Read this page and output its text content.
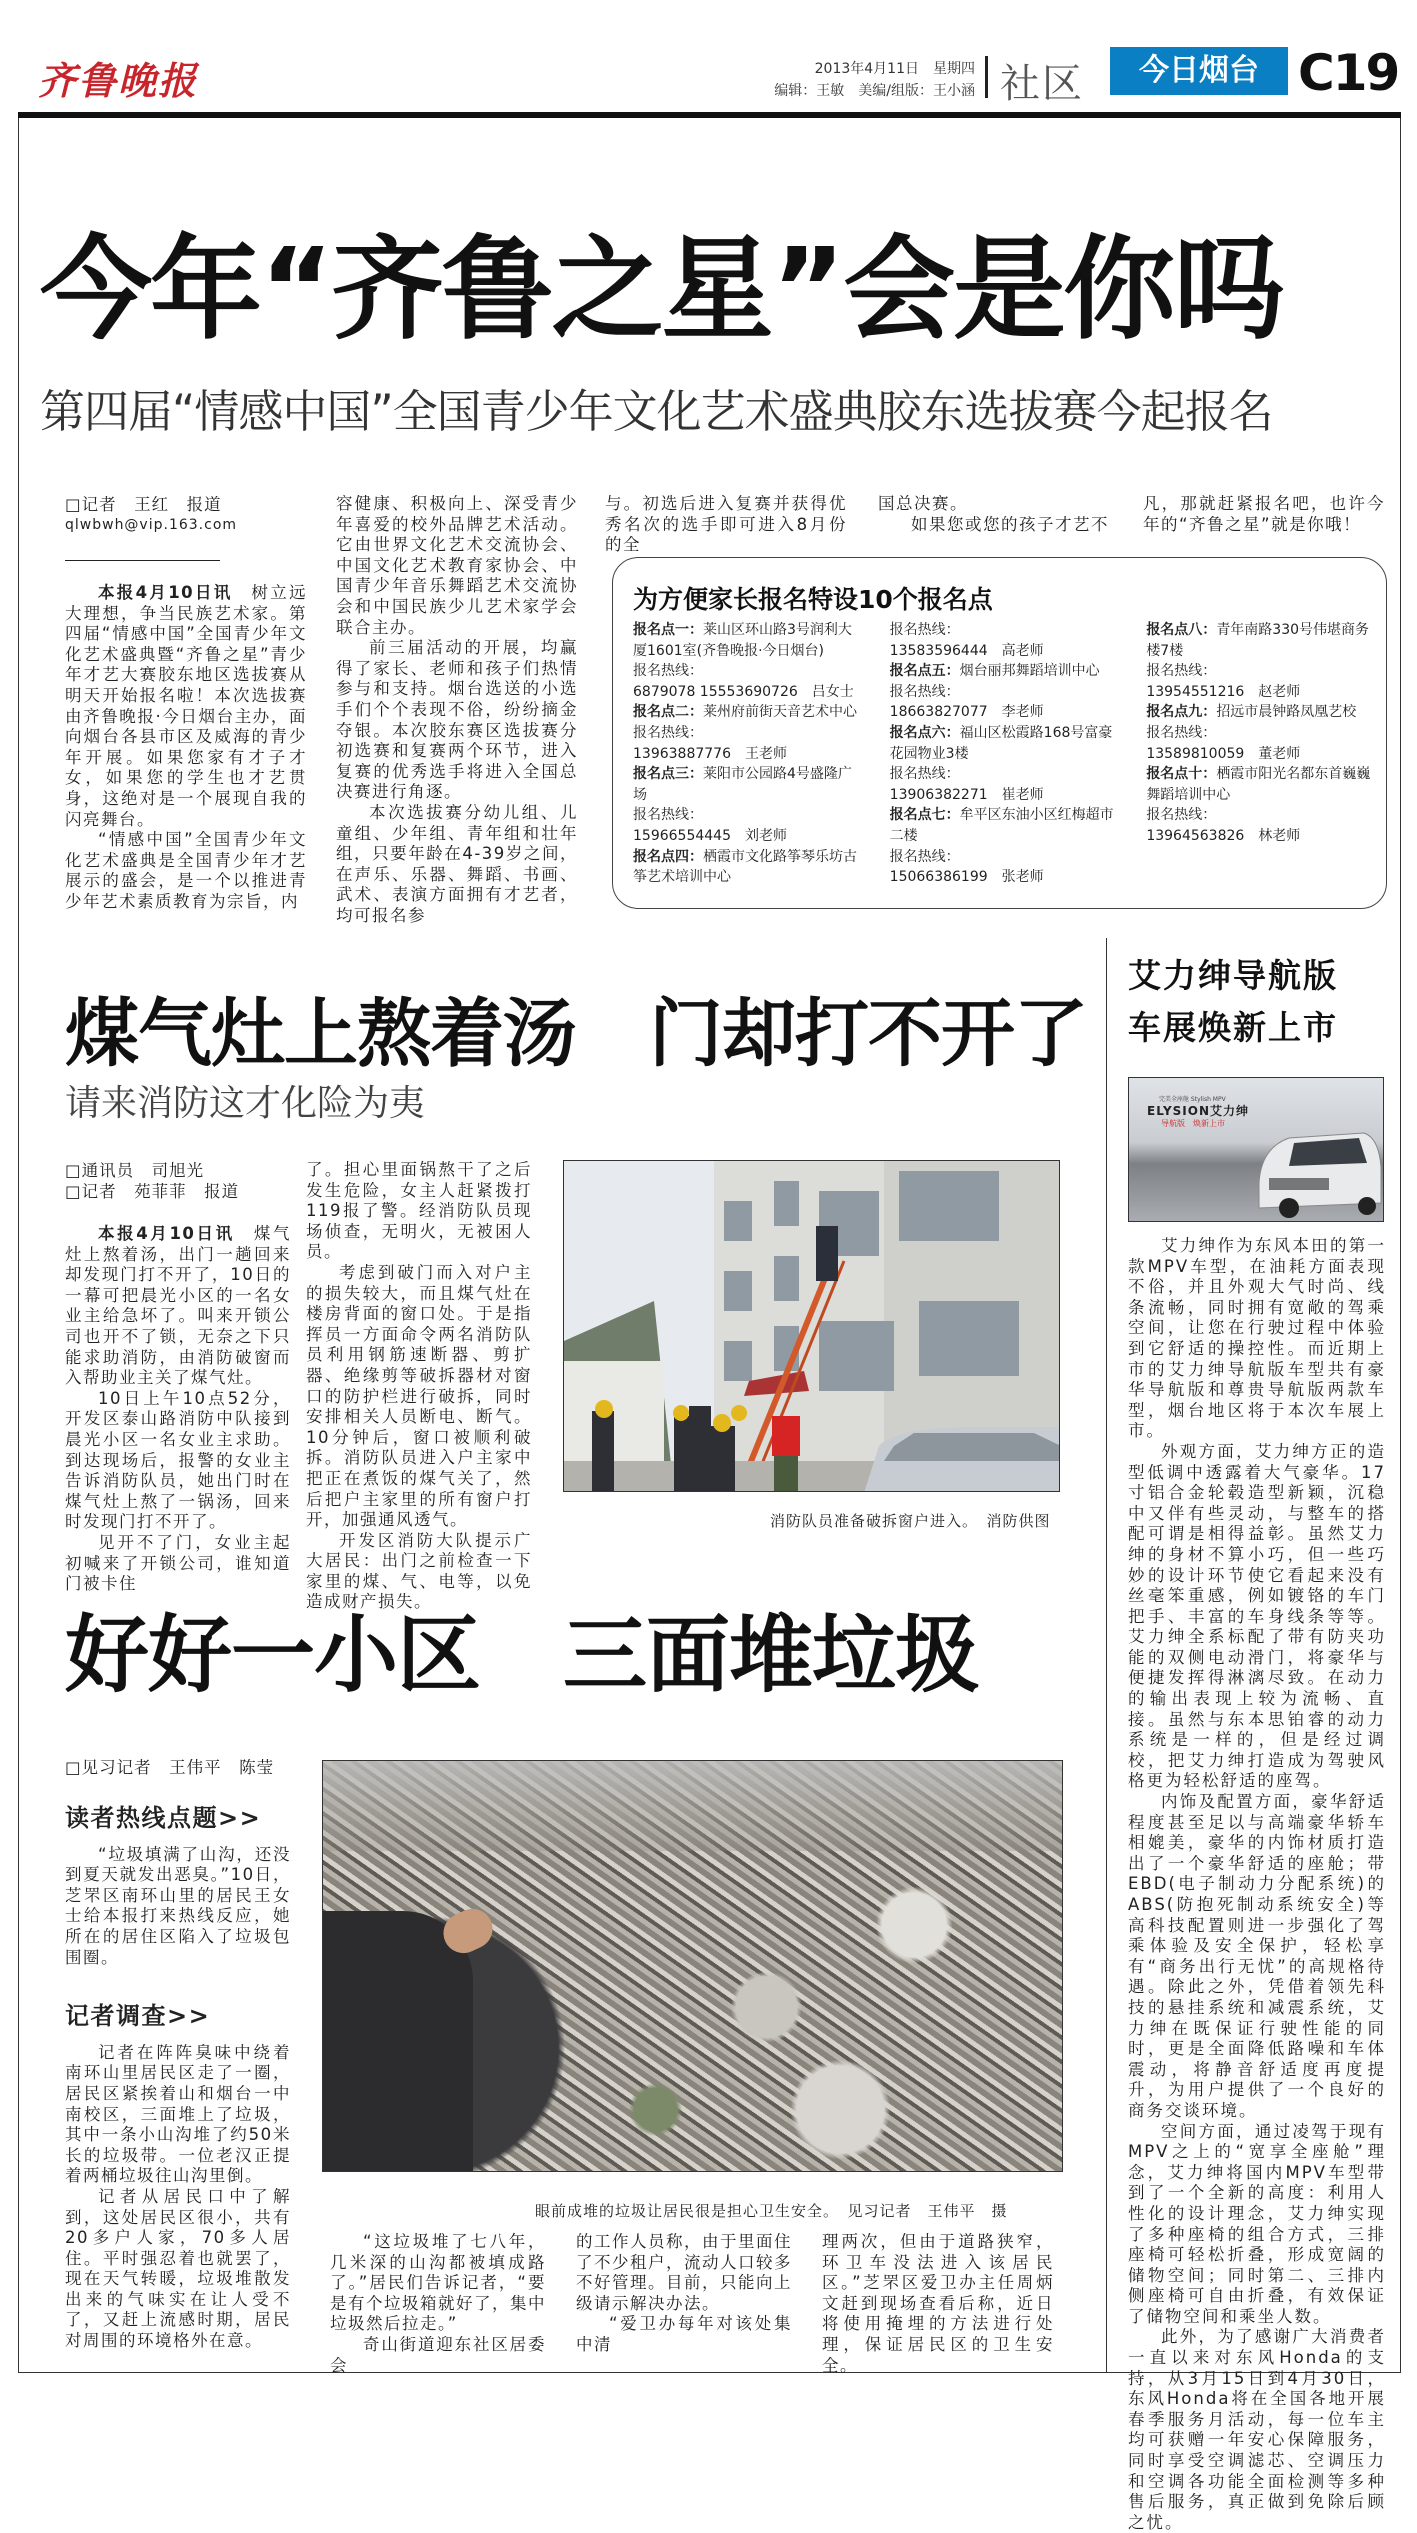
齐鲁晚报	2013年4月11日　星期四
编辑：王敏　美编/组版：王小涵 社区	今日烟台 C19
今年“齐鲁之星”会是你吗
第四届“情感中国”全国青少年文化艺术盛典胶东选拔赛今起报名
□记者　王红　报道
qlwbwh@vip.163.com

本报4月10日讯　树立远大理想，争当民族艺术家。第四届“情感中国”全国青少年文化艺术盛典暨“齐鲁之星”青少年才艺大赛胶东地区选拔赛从明天开始报名啦！本次选拔赛由齐鲁晚报·今日烟台主办，面向烟台各县市区及威海的青少年开展。如果您家有才子才女，如果您的学生也才艺贯身，这绝对是一个展现自我的闪亮舞台。

“情感中国”全国青少年文化艺术盛典是全国青少年才艺展示的盛会，是一个以推进青少年艺术素质教育为宗旨，内

容健康、积极向上、深受青少年喜爱的校外品牌艺术活动。它由世界文化艺术交流协会、中国文化艺术教育家协会、中国青少年音乐舞蹈艺术交流协会和中国民族少儿艺术家学会联合主办。

前三届活动的开展，均赢得了家长、老师和孩子们热情参与和支持。烟台选送的小选手们个个表现不俗，纷纷摘金夺银。本次胶东赛区选拔赛分初选赛和复赛两个环节，进入复赛的优秀选手将进入全国总决赛进行角逐。

本次选拔赛分幼儿组、儿童组、少年组、青年组和壮年组，只要年龄在4-39岁之间，在声乐、乐器、舞蹈、书画、武术、表演方面拥有才艺者，均可报名参

与。初选后进入复赛并获得优秀名次的选手即可进入8月份的全

国总决赛。

如果您或您的孩子才艺不

凡，那就赶紧报名吧，也许今年的“齐鲁之星”就是你哦！

为方便家长报名特设10个报名点
报名点一：莱山区环山路3号润利大厦1601室(齐鲁晚报·今日烟台)
报名热线：
6879078 15553690726　 吕女士
报名点二：莱州府前街天音艺术中心
报名热线：
13963887776　 王老师
报名点三：莱阳市公园路4号盛隆广场
报名热线：
15966554445　 刘老师
报名点四：栖霞市文化路筝琴乐坊古筝艺术培训中心
报名热线：
13583596444　 高老师
报名点五：烟台丽邦舞蹈培训中心
报名热线：
18663827077　 李老师
报名点六：福山区松霞路168号富豪花园物业3楼
报名热线：
13906382271　 崔老师
报名点七：牟平区东油小区红梅超市二楼
报名热线：
15066386199　 张老师
报名点八：青年南路330号伟堪商务楼7楼
报名热线：
13954551216　 赵老师
报名点九：招远市晨钟路凤凰艺校
报名热线：
13589810059　 董老师
报名点十：栖霞市阳光名都东首巍巍舞蹈培训中心
报名热线：
13964563826　 林老师
煤气灶上熬着汤　门却打不开了
请来消防这才化险为夷
□通讯员　司旭光
□记者　苑菲菲　报道

本报4月10日讯　煤气灶上熬着汤，出门一趟回来却发现门打不开了，10日的一幕可把晨光小区的一名女业主给急坏了。叫来开锁公司也开不了锁，无奈之下只能求助消防，由消防破窗而入帮助业主关了煤气灶。

10日上午10点52分，开发区泰山路消防中队接到晨光小区一名女业主求助。到达现场后，报警的女业主告诉消防队员，她出门时在煤气灶上熬了一锅汤，回来时发现门打不开了。

见开不了门，女业主起初喊来了开锁公司，谁知道门被卡住

了。担心里面锅熬干了之后发生危险，女主人赶紧拨打119报了警。经消防队员现场侦查，无明火，无被困人员。

考虑到破门而入对户主的损失较大，而且煤气灶在楼房背面的窗口处。于是指挥员一方面命令两名消防队员利用钢筋速断器、剪扩器、绝缘剪等破拆器材对窗口的防护栏进行破拆，同时安排相关人员断电、断气。10分钟后，窗口被顺利破拆。消防队员进入户主家中把正在煮饭的煤气关了，然后把户主家里的所有窗户打开，加强通风透气。

开发区消防大队提示广大居民：出门之前检查一下家里的煤、气、电等，以免造成财产损失。

消防队员准备破拆窗户进入。　消防供图
艾力绅导航版
车展焕新上市
完美全座舱 Stylish MPV
ELYSION艾力绅
导航版　焕新上市

艾力绅作为东风本田的第一款MPV车型，在油耗方面表现不俗，并且外观大气时尚、线条流畅，同时拥有宽敞的驾乘空间，让您在行驶过程中体验到它舒适的操控性。而近期上市的艾力绅导航版车型共有豪华导航版和尊贵导航版两款车型，烟台地区将于本次车展上市。

外观方面，艾力绅方正的造型低调中透露着大气豪华。17寸铝合金轮毂造型新颖，沉稳中又伴有些灵动，与整车的搭配可谓是相得益彰。虽然艾力绅的身材不算小巧，但一些巧妙的设计环节使它看起来没有丝毫笨重感，例如镀铬的车门把手、丰富的车身线条等等。艾力绅全系标配了带有防夹功能的双侧电动滑门，将豪华与便捷发挥得淋漓尽致。在动力的输出表现上较为流畅、直接。虽然与东本思铂睿的动力系统是一样的，但是经过调校，把艾力绅打造成为驾驶风格更为轻松舒适的座驾。

内饰及配置方面，豪华舒适程度甚至足以与高端豪华轿车相媲美，豪华的内饰材质打造出了一个豪华舒适的座舱；带EBD(电子制动力分配系统)的ABS(防抱死制动系统安全)等高科技配置则进一步强化了驾乘体验及安全保护，轻松享有“商务出行无忧”的高规格待遇。除此之外，凭借着领先科技的悬挂系统和减震系统，艾力绅在既保证行驶性能的同时，更是全面降低路噪和车体震动，将静音舒适度再度提升，为用户提供了一个良好的商务交谈环境。

空间方面，通过凌驾于现有MPV之上的“宽享全座舱”理念，艾力绅将国内MPV车型带到了一个全新的高度：利用人性化的设计理念，艾力绅实现了多种座椅的组合方式，三排座椅可轻松折叠，形成宽阔的储物空间；同时第二、三排内侧座椅可自由折叠，有效保证了储物空间和乘坐人数。

此外，为了感谢广大消费者一直以来对东风Honda的支持，从3月15日到4月30日，东风Honda将在全国各地开展春季服务月活动，每一位车主均可获赠一年安心保障服务，同时享受空调滤芯、空调压力和空调各功能全面检测等多种售后服务，真正做到免除后顾之忧。

好好一小区　三面堆垃圾
□见习记者　王伟平　陈莹
读者热线点题>>

“垃圾填满了山沟，还没到夏天就发出恶臭。”10日，芝罘区南环山里的居民王女士给本报打来热线反应，她所在的居住区陷入了垃圾包围圈。

记者调查>>

记者在阵阵臭味中绕着南环山里居民区走了一圈，居民区紧挨着山和烟台一中南校区，三面堆上了垃圾，其中一条小山沟堆了约50米长的垃圾带。一位老汉正提着两桶垃圾往山沟里倒。

记者从居民口中了解到，这处居民区很小，共有20多户人家，70多人居住。平时强忍着也就罢了，现在天气转暖，垃圾堆散发出来的气味实在让人受不了，又赶上流感时期，居民对周围的环境格外在意。

眼前成堆的垃圾让居民很是担心卫生安全。　见习记者　王伟平　摄

“这垃圾堆了七八年，几米深的山沟都被填成路了。”居民们告诉记者，“要是有个垃圾箱就好了，集中垃圾然后拉走。”

奇山街道迎东社区居委会

的工作人员称，由于里面住了不少租户，流动人口较多不好管理。目前，只能向上级请示解决办法。

“爱卫办每年对该处集中清

理两次，但由于道路狭窄，环卫车没法进入该居民区。”芝罘区爱卫办主任周炳文赶到现场查看后称，近日将使用掩埋的方法进行处理，保证居民区的卫生安全。
